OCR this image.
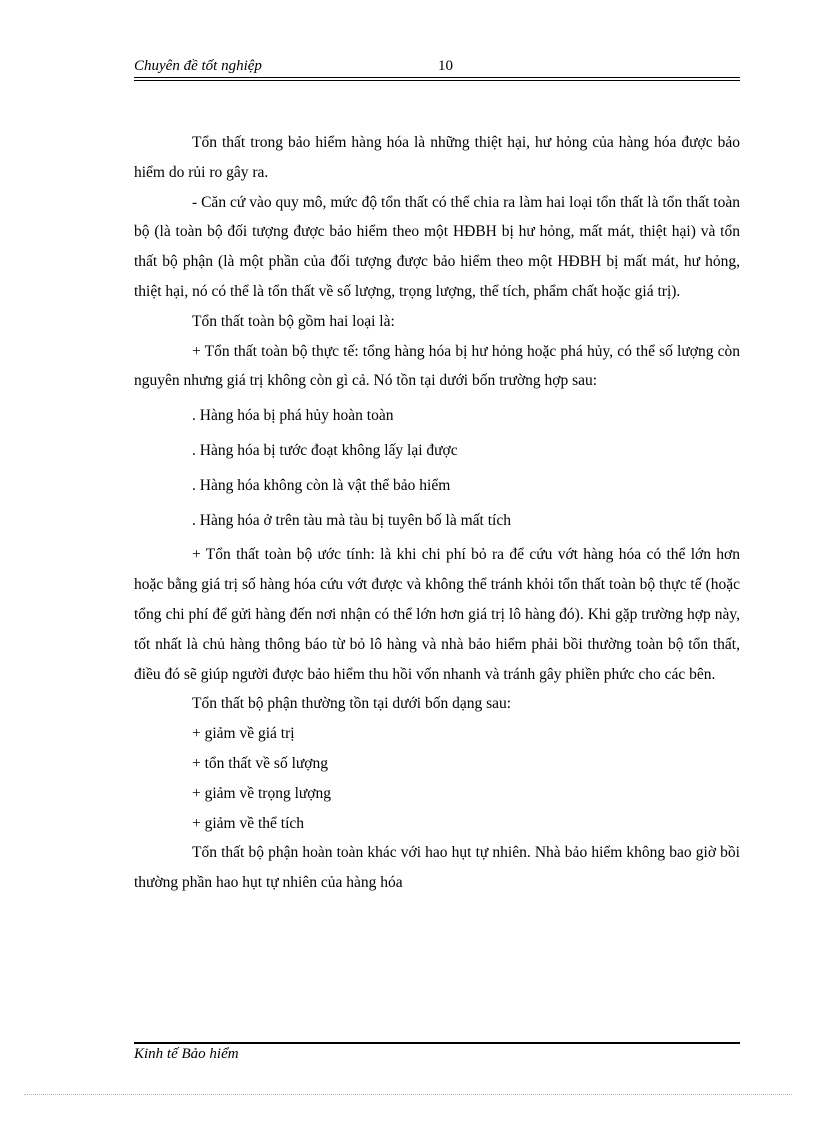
Chuyên đề tốt nghiệp	10

Tổn thất trong bảo hiểm hàng hóa là những thiệt hại, hư hỏng của hàng hóa được bảo hiểm do rủi ro gây ra.

- Căn cứ vào quy mô, mức độ tổn thất có thể chia ra làm hai loại tổn thất là tổn thất toàn bộ (là toàn bộ đối tượng được bảo hiểm theo một HĐBH bị hư hỏng, mất mát, thiệt hại) và tổn thất bộ phận (là một phần của đối tượng được bảo hiểm theo một HĐBH bị mất mát, hư hỏng, thiệt hại, nó có thể là tổn thất về số lượng, trọng lượng, thể tích, phẩm chất hoặc giá trị).

Tổn thất toàn bộ gồm hai loại là:

+ Tổn thất toàn bộ thực tế: tổng hàng hóa bị hư hỏng hoặc phá hủy, có thể số lượng còn nguyên nhưng giá trị không còn gì cả. Nó tồn tại dưới bốn trường hợp sau:

. Hàng hóa bị phá hủy hoàn toàn

. Hàng hóa bị tước đoạt không lấy lại được

. Hàng hóa không còn là vật thể bảo hiểm

. Hàng hóa ở trên tàu mà tàu bị tuyên bố là mất tích

+ Tổn thất toàn bộ ước tính: là khi chi phí bỏ ra để cứu vớt hàng hóa có thể lớn hơn hoặc bằng giá trị số hàng hóa cứu vớt được và không thể tránh khỏi tổn thất toàn bộ thực tế (hoặc tổng chi phí để gửi hàng đến nơi nhận có thể lớn hơn giá trị lô hàng đó). Khi gặp trường hợp này, tốt nhất là chủ hàng thông báo từ bỏ lô hàng và nhà bảo hiểm phải bồi thường toàn bộ tổn thất, điều đó sẽ giúp người được bảo hiểm thu hồi vốn nhanh và tránh gây phiền phức cho các bên.

Tổn thất bộ phận thường tồn tại dưới bốn dạng sau:

+ giảm về giá trị

+ tổn thất về số lượng

+ giảm về trọng lượng

+ giảm về thể tích

Tổn thất bộ phận hoàn toàn khác với hao hụt tự nhiên. Nhà bảo hiểm không bao giờ bồi thường phần hao hụt tự nhiên của hàng hóa

Kinh tế Bảo hiểm
